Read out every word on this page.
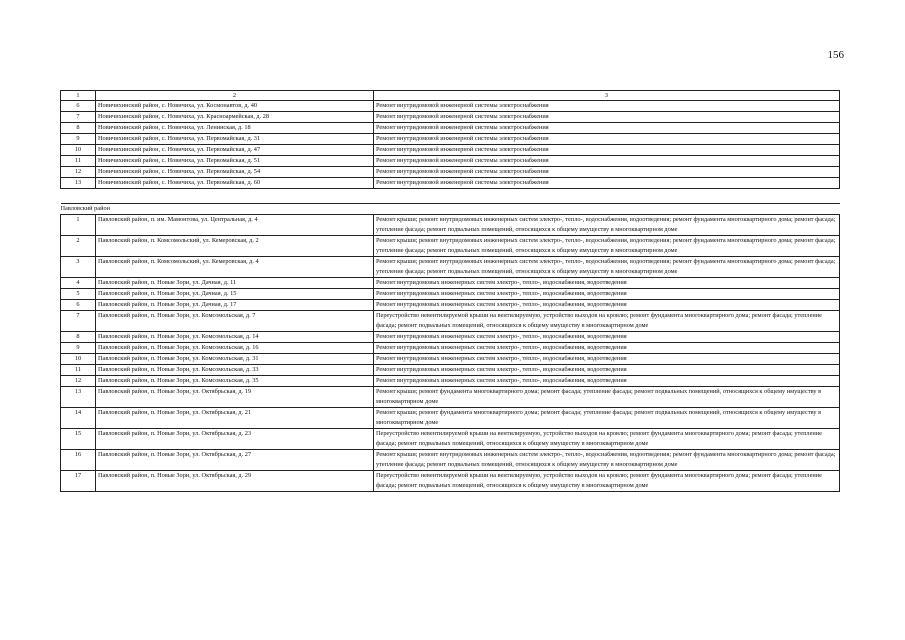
156
1	2	3
6	Новичихинский район, с. Новичиха, ул. Космонавтов, д. 40	Ремонт внутридомовой инженерной системы электроснабжения
7	Новичихинский район, с. Новичиха, ул. Красноармейская, д. 28	Ремонт внутридомовой инженерной системы электроснабжения
8	Новичихинский район, с. Новичиха, ул. Ленинская, д. 18	Ремонт внутридомовой инженерной системы электроснабжения
9	Новичихинский район, с. Новичиха, ул. Первомайская, д. 31	Ремонт внутридомовой инженерной системы электроснабжения
10	Новичихинский район, с. Новичиха, ул. Первомайская, д. 47	Ремонт внутридомовой инженерной системы электроснабжения
11	Новичихинский район, с. Новичиха, ул. Первомайская, д. 51	Ремонт внутридомовой инженерной системы электроснабжения
12	Новичихинский район, с. Новичиха, ул. Первомайская, д. 54	Ремонт внутридомовой инженерной системы электроснабжения
13	Новичихинский район, с. Новичиха, ул. Первомайская, д. 60	Ремонт внутридомовой инженерной системы электроснабжения

Павловский район		
1	Павловский район, п. им. Мамонтова, ул. Центральная, д. 4	Ремонт крыши; ремонт внутридомовых инженерных систем электро-, тепло-, водоснабжения, водоотведения; ремонт фундамента многоквартирного дома; ремонт фасада; утепление фасада; ремонт подвальных помещений, относящихся к общему имуществу в многоквартирном доме
2	Павловский район, п. Комсомольский, ул. Кемеровская, д. 2	Ремонт крыши; ремонт внутридомовых инженерных систем электро-, тепло-, водоснабжения, водоотведения; ремонт фундамента многоквартирного дома; ремонт фасада; утепление фасада; ремонт подвальных помещений, относящихся к общему имуществу в многоквартирном доме
3	Павловский район, п. Комсомольский, ул. Кемеровская, д. 4	Ремонт крыши; ремонт внутридомовых инженерных систем электро-, тепло-, водоснабжения, водоотведения; ремонт фундамента многоквартирного дома; ремонт фасада; утепление фасада; ремонт подвальных помещений, относящихся к общему имуществу в многоквартирном доме
4	Павловский район, п. Новые Зори, ул. Дачная, д. 11	Ремонт внутридомовых инженерных систем электро-, тепло-, водоснабжения, водоотведения
5	Павловский район, п. Новые Зори, ул. Дачная, д. 15	Ремонт внутридомовых инженерных систем электро-, тепло-, водоснабжения, водоотведения
6	Павловский район, п. Новые Зори, ул. Дачная, д. 17	Ремонт внутридомовых инженерных систем электро-, тепло-, водоснабжения, водоотведения
7	Павловский район, п. Новые Зори, ул. Комсомольская, д. 7	Переустройство невентилируемой крыши на вентилируемую, устройство выходов на кровлю; ремонт фундамента многоквартирного дома; ремонт фасада; утепление фасада; ремонт подвальных помещений, относящихся к общему имуществу в многоквартирном доме
8	Павловский район, п. Новые Зори, ул. Комсомольская, д. 14	Ремонт внутридомовых инженерных систем электро-, тепло-, водоснабжения, водоотведения
9	Павловский район, п. Новые Зори, ул. Комсомольская, д. 16	Ремонт внутридомовых инженерных систем электро-, тепло-, водоснабжения, водоотведения
10	Павловский район, п. Новые Зори, ул. Комсомольская, д. 31	Ремонт внутридомовых инженерных систем электро-, тепло-, водоснабжения, водоотведения
11	Павловский район, п. Новые Зори, ул. Комсомольская, д. 33	Ремонт внутридомовых инженерных систем электро-, тепло-, водоснабжения, водоотведения
12	Павловский район, п. Новые Зори, ул. Комсомольская, д. 35	Ремонт внутридомовых инженерных систем электро-, тепло-, водоснабжения, водоотведения
13	Павловский район, п. Новые Зори, ул. Октябрьская, д. 19	Ремонт крыши; ремонт фундамента многоквартирного дома; ремонт фасада; утепление фасада; ремонт подвальных помещений, относящихся к общему имуществу в многоквартирном доме
14	Павловский район, п. Новые Зори, ул. Октябрьская, д. 21	Ремонт крыши; ремонт фундамента многоквартирного дома; ремонт фасада; утепление фасада; ремонт подвальных помещений, относящихся к общему имуществу в многоквартирном доме
15	Павловский район, п. Новые Зори, ул. Октябрьская, д. 23	Переустройство невентилируемой крыши на вентилируемую, устройство выходов на кровлю; ремонт фундамента многоквартирного дома; ремонт фасада; утепление фасада; ремонт подвальных помещений, относящихся к общему имуществу в многоквартирном доме
16	Павловский район, п. Новые Зори, ул. Октябрьская, д. 27	Ремонт крыши; ремонт внутридомовых инженерных систем электро-, тепло-, водоснабжения, водоотведения; ремонт фундамента многоквартирного дома; ремонт фасада; утепление фасада; ремонт подвальных помещений, относящихся к общему имуществу в многоквартирном доме
17	Павловский район, п. Новые Зори, ул. Октябрьская, д. 29	Переустройство невентилируемой крыши на вентилируемую, устройство выходов на кровлю; ремонт фундамента многоквартирного дома; ремонт фасада; утепление фасада; ремонт подвальных помещений, относящихся к общему имуществу в многоквартирном доме
